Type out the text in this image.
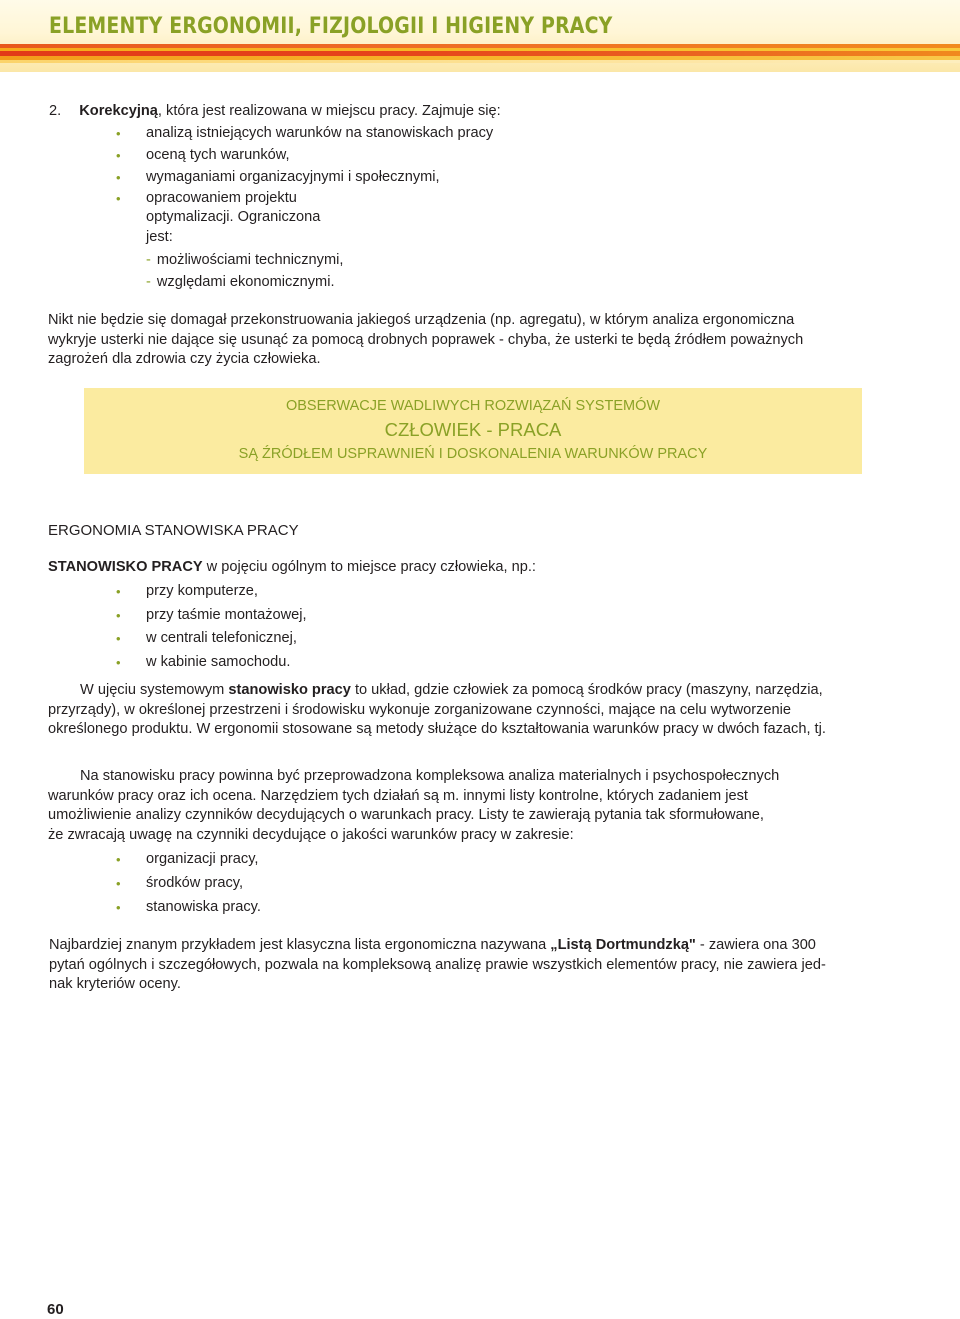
ELEMENTY ERGONOMII, FIZJOLOGII I HIGIENY PRACY
2. Korekcyjną, która jest realizowana w miejscu pracy. Zajmuje się:
• analizą istniejących warunków na stanowiskach pracy
• oceną tych warunków,
• wymaganiami organizacyjnymi i społecznymi,
• opracowaniem projektu
optymalizacji. Ograniczona
jest:
- możliwościami technicznymi,
- względami ekonomicznymi.
Nikt nie będzie się domagał przekonstruowania jakiegoś urządzenia (np. agregatu), w którym analiza ergonomiczna
wykryje usterki nie dające się usunąć za pomocą drobnych poprawek - chyba, że usterki te będą źródłem poważnych
zagrożeń dla zdrowia czy życia człowieka.
OBSERWACJE WADLIWYCH ROZWIĄZAŃ SYSTEMÓW
CZŁOWIEK - PRACA
SĄ ŹRÓDŁEM USPRAWNIEŃ I DOSKONALENIA WARUNKÓW PRACY
ERGONOMIA STANOWISKA PRACY
STANOWISKO PRACY w pojęciu ogólnym to miejsce pracy człowieka, np.:
• przy komputerze,
• przy taśmie montażowej,
• w centrali telefonicznej,
• w kabinie samochodu.
W ujęciu systemowym stanowisko pracy to układ, gdzie człowiek za pomocą środków pracy (maszyny, narzędzia,
przyrządy), w określonej przestrzeni i środowisku wykonuje zorganizowane czynności, mające na celu wytworzenie
określonego produktu. W ergonomii stosowane są metody służące do kształtowania warunków pracy w dwóch fazach, tj.
Na stanowisku pracy powinna być przeprowadzona kompleksowa analiza materialnych i psychospołecznych
warunków pracy oraz ich ocena. Narzędziem tych działań są m. innymi listy kontrolne, których zadaniem jest
umożliwienie analizy czynników decydujących o warunkach pracy. Listy te zawierają pytania tak sformułowane,
że zwracają uwagę na czynniki decydujące o jakości warunków pracy w zakresie:
• organizacji pracy,
• środków pracy,
• stanowiska pracy.
Najbardziej znanym przykładem jest klasyczna lista ergonomiczna nazywana „Listą Dortmundzką" - zawiera ona 300
pytań ogólnych i szczegółowych, pozwala na kompleksową analizę prawie wszystkich elementów pracy, nie zawiera jed-
nak kryteriów oceny.
60
